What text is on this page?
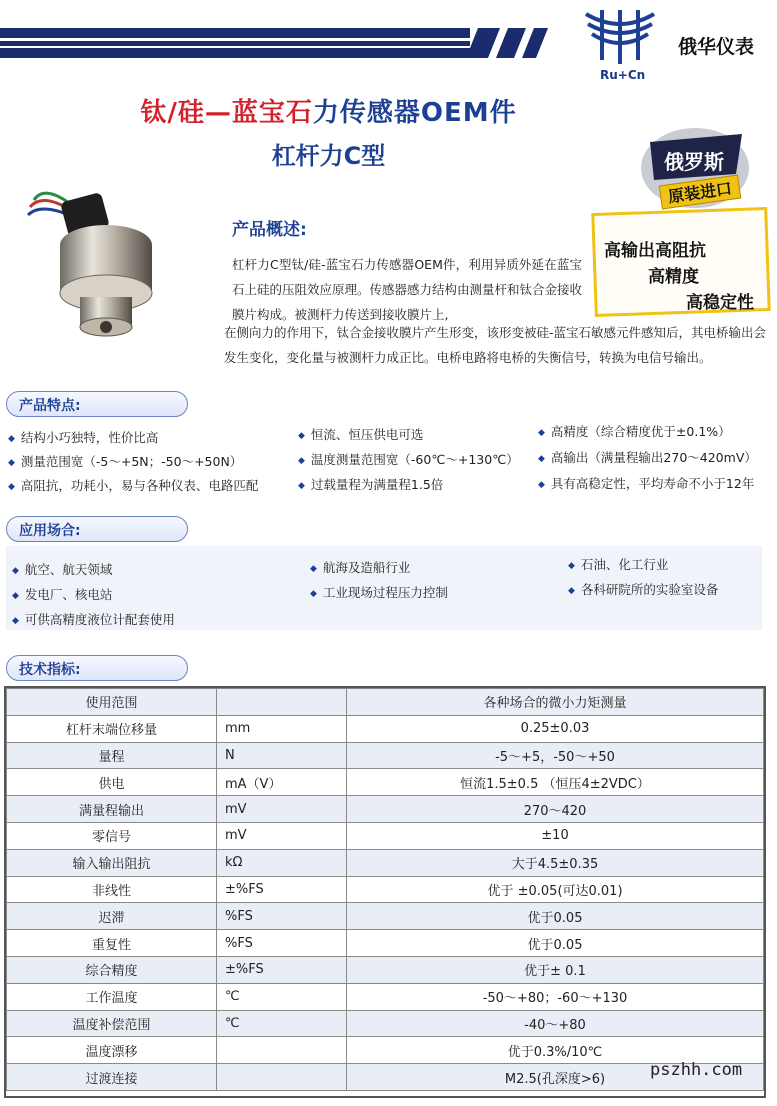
Ru+Cn
俄华仪表
钛/硅—蓝宝石力传感器OEM件
杠杆力C型	俄罗斯
原装进口
高输出高阻抗
高精度
高稳定性
产品概述:
杠杆力C型钛/硅-蓝宝石力传感器OEM件，利用异质外延在蓝宝石上硅的压阻效应原理。传感器感力结构由测量杆和钛合金接收膜片构成。被测杆力传送到接收膜片上,
在侧向力的作用下，钛合金接收膜片产生形变，该形变被硅-蓝宝石敏感元件感知后，其电桥输出会发生变化，变化量与被测杆力成正比。电桥电路将电桥的失衡信号，转换为电信号输出。
产品特点:
◆ 结构小巧独特，性价比高
◆ 测量范围宽（-5～+5N；-50～+50N）
◆ 高阻抗，功耗小，易与各种仪表、电路匹配
◆ 恒流、恒压供电可选
◆ 温度测量范围宽（-60℃～+130℃）
◆ 过载量程为满量程1.5倍
◆ 高精度（综合精度优于±0.1%）
◆ 高输出（满量程输出270～420mV）
◆ 具有高稳定性，平均寿命不小于12年
应用场合:
◆ 航空、航天领域
◆ 发电厂、核电站
◆ 可供高精度液位计配套使用
◆ 航海及造船行业
◆ 工业现场过程压力控制
◆ 石油、化工行业
◆ 各科研院所的实验室设备
技术指标:
使用范围		各种场合的微小力矩测量
杠杆末端位移量	mm	0.25±0.03
量程	N	-5～+5，-50～+50
供电	mA（V）	恒流1.5±0.5 （恒压4±2VDC）
满量程输出	mV	270～420
零信号	mV	±10
输入输出阻抗	kΩ	大于4.5±0.35
非线性	±%FS	优于 ±0.05(可达0.01)
迟滞	%FS	优于0.05
重复性	%FS	优于0.05
综合精度	±%FS	优于± 0.1
工作温度	℃	-50～+80；-60～+130
温度补偿范围	℃	-40～+80
温度漂移		优于0.3%/10℃
过渡连接		M2.5(孔深度>6)	pszhh.com
